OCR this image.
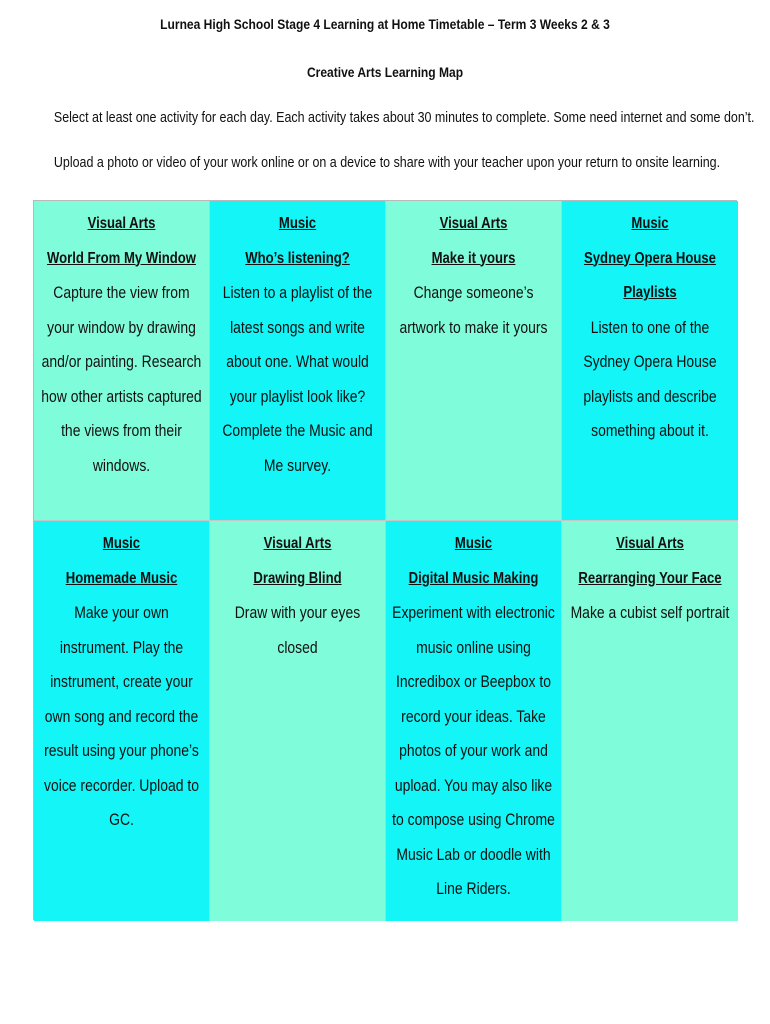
Lurnea High School Stage 4 Learning at Home Timetable – Term 3 Weeks 2 & 3
Creative Arts Learning Map
Select at least one activity for each day. Each activity takes about 30 minutes to complete. Some need internet and some don’t.
Upload a photo or video of your work online or on a device to share with your teacher upon your return to onsite learning.
Visual Arts
World From My Window
Capture the view from your window by drawing and/or painting. Research how other artists captured the views from their windows.
Music
Who’s listening?
Listen to a playlist of the latest songs and write about one. What would your playlist look like? Complete the Music and Me survey.
Visual Arts
Make it yours
Change someone’s artwork to make it yours
Music
Sydney Opera House Playlists
Listen to one of the Sydney Opera House playlists and describe something about it.
Music
Homemade Music
Make your own instrument. Play the instrument, create your own song and record the result using your phone’s voice recorder. Upload to GC.
Visual Arts
Drawing Blind
Draw with your eyes closed
Music
Digital Music Making
Experiment with electronic music online using Incredibox or Beepbox to record your ideas. Take photos of your work and upload. You may also like to compose using Chrome Music Lab or doodle with Line Riders.
Visual Arts
Rearranging Your Face
Make a cubist self portrait
